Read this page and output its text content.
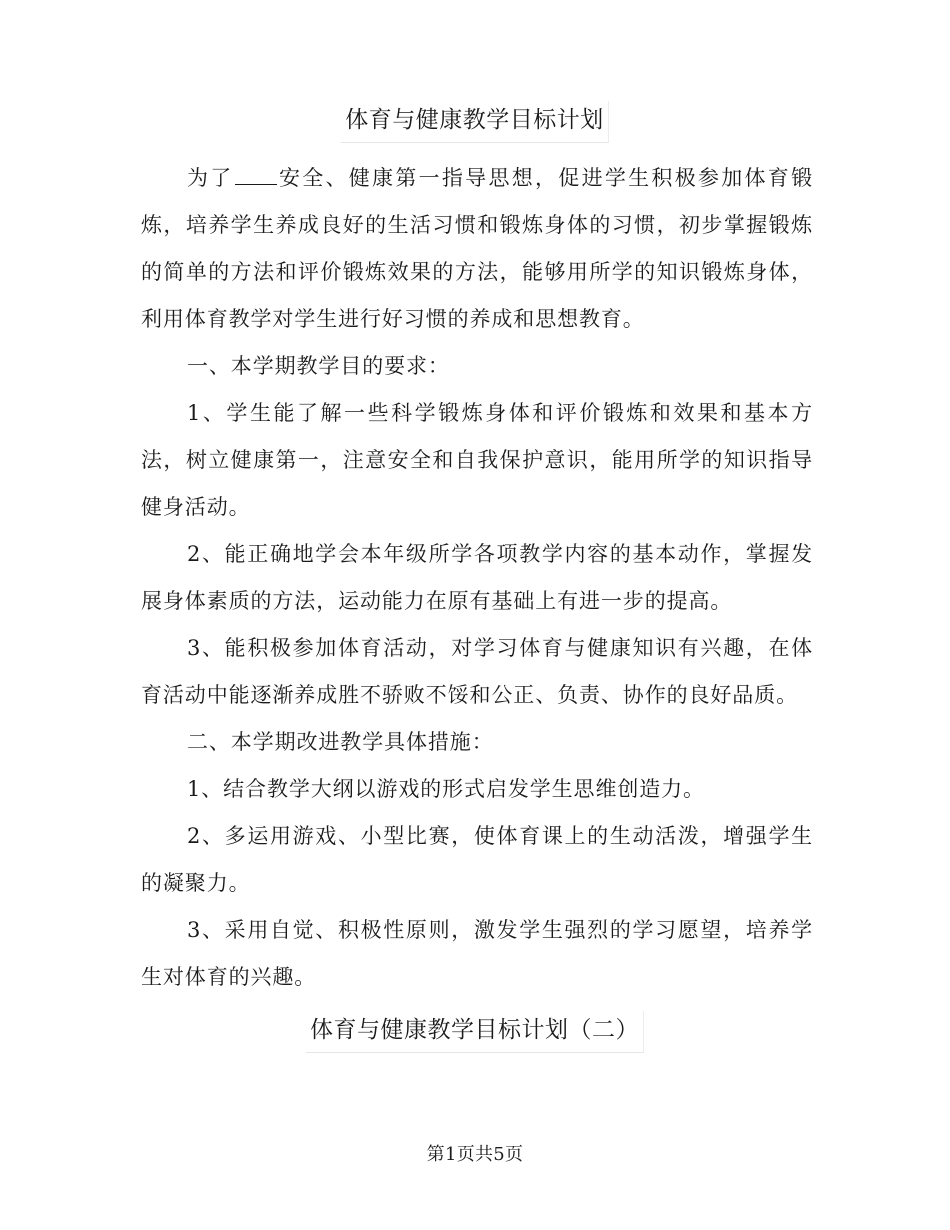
体育与健康教学目标计划

为了 安全、健康第一指导思想，促进学生积极参加体育锻炼，培养学生养成良好的生活习惯和锻炼身体的习惯，初步掌握锻炼的简单的方法和评价锻炼效果的方法，能够用所学的知识锻炼身体，利用体育教学对学生进行好习惯的养成和思想教育。

一、本学期教学目的要求：

1、学生能了解一些科学锻炼身体和评价锻炼和效果和基本方法，树立健康第一，注意安全和自我保护意识，能用所学的知识指导健身活动。

2、能正确地学会本年级所学各项教学内容的基本动作，掌握发展身体素质的方法，运动能力在原有基础上有进一步的提高。

3、能积极参加体育活动，对学习体育与健康知识有兴趣，在体育活动中能逐渐养成胜不骄败不馁和公正、负责、协作的良好品质。

二、本学期改进教学具体措施：

1、结合教学大纲以游戏的形式启发学生思维创造力。

2、多运用游戏、小型比赛，使体育课上的生动活泼，增强学生的凝聚力。

3、采用自觉、积极性原则，激发学生强烈的学习愿望，培养学生对体育的兴趣。

体育与健康教学目标计划（二）
第1页共5页
